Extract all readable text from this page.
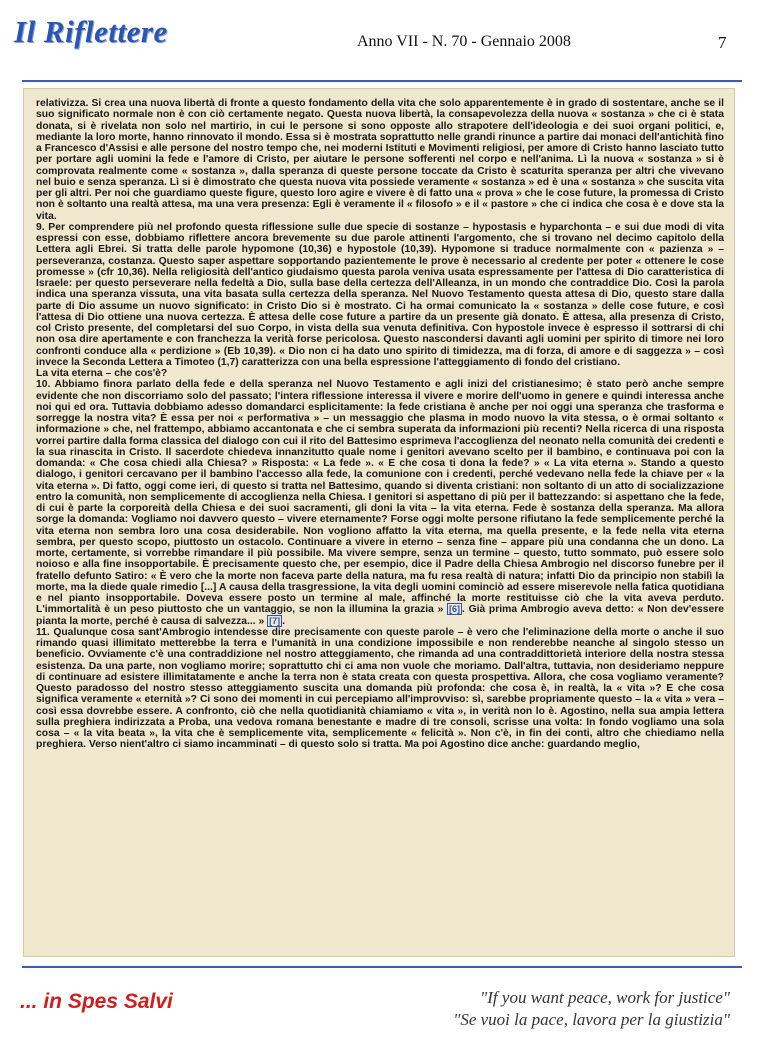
Il Riflettere	Anno VII - N. 70 - Gennaio 2008	7

relativizza. Si crea una nuova libertà di fronte a questo fondamento della vita che solo apparentemente è in grado di sostentare, anche se il suo significato normale non è con ciò certamente negato. Questa nuova libertà, la consapevolezza della nuova « sostanza » che ci è stata donata, si è rivelata non solo nel martirio, in cui le persone si sono opposte allo strapotere dell'ideologia e dei suoi organi politici, e, mediante la loro morte, hanno rinnovato il mondo. Essa si è mostrata soprattutto nelle grandi rinunce a partire dai monaci dell'antichità fino a Francesco d'Assisi e alle persone del nostro tempo che, nei moderni Istituti e Movimenti religiosi, per amore di Cristo hanno lasciato tutto per portare agli uomini la fede e l'amore di Cristo, per aiutare le persone sofferenti nel corpo e nell'anima. Lì la nuova « sostanza » si è comprovata realmente come « sostanza », dalla speranza di queste persone toccate da Cristo è scaturita speranza per altri che vivevano nel buio e senza speranza. Lì si è dimostrato che questa nuova vita possiede veramente « sostanza » ed è una « sostanza » che suscita vita per gli altri. Per noi che guardiamo queste figure, questo loro agire e vivere è di fatto una « prova » che le cose future, la promessa di Cristo non è soltanto una realtà attesa, ma una vera presenza: Egli è veramente il « filosofo » e il « pastore » che ci indica che cosa è e dove sta la vita.

9. Per comprendere più nel profondo questa riflessione sulle due specie di sostanze – hypostasis e hyparchonta – e sui due modi di vita espressi con esse, dobbiamo riflettere ancora brevemente su due parole attinenti l'argomento, che si trovano nel decimo capitolo della Lettera agli Ebrei. Si tratta delle parole hypomone (10,36) e hypostole (10,39). Hypomone si traduce normalmente con « pazienza » – perseveranza, costanza. Questo saper aspettare sopportando pazientemente le prove è necessario al credente per poter « ottenere le cose promesse » (cfr 10,36). Nella religiosità dell'antico giudaismo questa parola veniva usata espressamente per l'attesa di Dio caratteristica di Israele: per questo perseverare nella fedeltà a Dio, sulla base della certezza dell'Alleanza, in un mondo che contraddice Dio. Così la parola indica una speranza vissuta, una vita basata sulla certezza della speranza. Nel Nuovo Testamento questa attesa di Dio, questo stare dalla parte di Dio assume un nuovo significato: in Cristo Dio si è mostrato. Ci ha ormai comunicato la « sostanza » delle cose future, e così l'attesa di Dio ottiene una nuova certezza. È attesa delle cose future a partire da un presente già donato. È attesa, alla presenza di Cristo, col Cristo presente, del completarsi del suo Corpo, in vista della sua venuta definitiva. Con hypostole invece è espresso il sottrarsi di chi non osa dire apertamente e con franchezza la verità forse pericolosa. Questo nascondersi davanti agli uomini per spirito di timore nei loro confronti conduce alla « perdizione » (Eb 10,39). « Dio non ci ha dato uno spirito di timidezza, ma di forza, di amore e di saggezza » – così invece la Seconda Lettera a Timoteo (1,7) caratterizza con una bella espressione l'atteggiamento di fondo del cristiano.

La vita eterna – che cos'è?

10. Abbiamo finora parlato della fede e della speranza nel Nuovo Testamento e agli inizi del cristianesimo; è stato però anche sempre evidente che non discorriamo solo del passato; l'intera riflessione interessa il vivere e morire dell'uomo in genere e quindi interessa anche noi qui ed ora. Tuttavia dobbiamo adesso domandarci esplicitamente: la fede cristiana è anche per noi oggi una speranza che trasforma e sorregge la nostra vita? È essa per noi « performativa » – un messaggio che plasma in modo nuovo la vita stessa, o è ormai soltanto « informazione » che, nel frattempo, abbiamo accantonata e che ci sembra superata da informazioni più recenti? Nella ricerca di una risposta vorrei partire dalla forma classica del dialogo con cui il rito del Battesimo esprimeva l'accoglienza del neonato nella comunità dei credenti e la sua rinascita in Cristo. Il sacerdote chiedeva innanzitutto quale nome i genitori avevano scelto per il bambino, e continuava poi con la domanda: « Che cosa chiedi alla Chiesa? » Risposta: « La fede ». « E che cosa ti dona la fede? » « La vita eterna ». Stando a questo dialogo, i genitori cercavano per il bambino l'accesso alla fede, la comunione con i credenti, perché vedevano nella fede la chiave per « la vita eterna ». Di fatto, oggi come ieri, di questo si tratta nel Battesimo, quando si diventa cristiani: non soltanto di un atto di socializzazione entro la comunità, non semplicemente di accoglienza nella Chiesa. I genitori si aspettano di più per il battezzando: si aspettano che la fede, di cui è parte la corporeità della Chiesa e dei suoi sacramenti, gli doni la vita – la vita eterna. Fede è sostanza della speranza. Ma allora sorge la domanda: Vogliamo noi davvero questo – vivere eternamente? Forse oggi molte persone rifiutano la fede semplicemente perché la vita eterna non sembra loro una cosa desiderabile. Non vogliono affatto la vita eterna, ma quella presente, e la fede nella vita eterna sembra, per questo scopo, piuttosto un ostacolo. Continuare a vivere in eterno – senza fine – appare più una condanna che un dono. La morte, certamente, si vorrebbe rimandare il più possibile. Ma vivere sempre, senza un termine – questo, tutto sommato, può essere solo noioso e alla fine insopportabile. È precisamente questo che, per esempio, dice il Padre della Chiesa Ambrogio nel discorso funebre per il fratello defunto Satiro: « È vero che la morte non faceva parte della natura, ma fu resa realtà di natura; infatti Dio da principio non stabilì la morte, ma la diede quale rimedio [...] A causa della trasgressione, la vita degli uomini cominciò ad essere miserevole nella fatica quotidiana e nel pianto insopportabile. Doveva essere posto un termine al male, affinché la morte restituisse ciò che la vita aveva perduto. L'immortalità è un peso piuttosto che un vantaggio, se non la illumina la grazia » [6] . Già prima Ambrogio aveva detto: « Non dev'essere pianta la morte, perché è causa di salvezza... » [7] .

11. Qualunque cosa sant'Ambrogio intendesse dire precisamente con queste parole – è vero che l'eliminazione della morte o anche il suo rimando quasi illimitato metterebbe la terra e l'umanità in una condizione impossibile e non renderebbe neanche al singolo stesso un beneficio. Ovviamente c'è una contraddizione nel nostro atteggiamento, che rimanda ad una contraddittorietà interiore della nostra stessa esistenza. Da una parte, non vogliamo morire; soprattutto chi ci ama non vuole che moriamo. Dall'altra, tuttavia, non desideriamo neppure di continuare ad esistere illimitatamente e anche la terra non è stata creata con questa prospettiva. Allora, che cosa vogliamo veramente? Questo paradosso del nostro stesso atteggiamento suscita una domanda più profonda: che cosa è, in realtà, la « vita »? E che cosa significa veramente « eternità »? Ci sono dei momenti in cui percepiamo all'improvviso: sì, sarebbe propriamente questo – la « vita » vera – così essa dovrebbe essere. A confronto, ciò che nella quotidianità chiamiamo « vita », in verità non lo è. Agostino, nella sua ampia lettera sulla preghiera indirizzata a Proba, una vedova romana benestante e madre di tre consoli, scrisse una volta: In fondo vogliamo una sola cosa – « la vita beata », la vita che è semplicemente vita, semplicemente « felicità ». Non c'è, in fin dei conti, altro che chiediamo nella preghiera. Verso nient'altro ci siamo incamminati – di questo solo si tratta. Ma poi Agostino dice anche: guardando meglio,

... in Spes Salvi	"If you want peace, work for justice"
"Se vuoi la pace, lavora per la giustizia"
